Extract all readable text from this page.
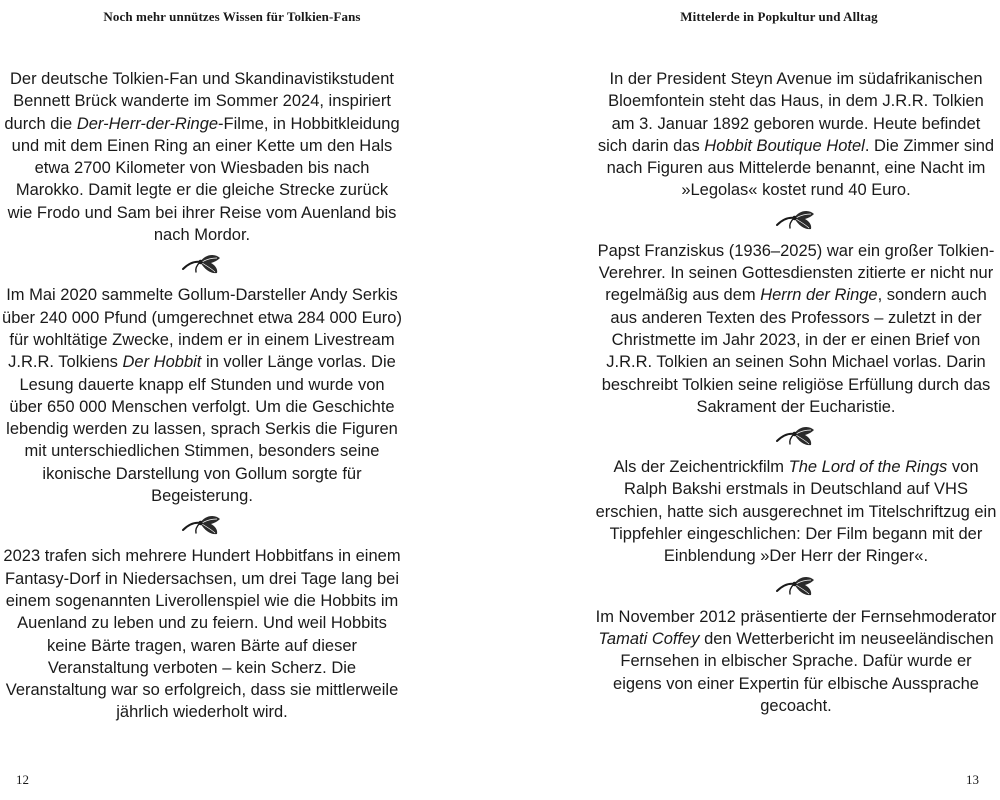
Noch mehr unnützes Wissen für Tolkien-Fans

Der deutsche Tolkien-Fan und Skandinavistikstudent Bennett Brück wanderte im Sommer 2024, inspiriert durch die Der-Herr-der-Ringe-Filme, in Hobbitkleidung und mit dem Einen Ring an einer Kette um den Hals etwa 2700 Kilometer von Wiesbaden bis nach Marokko. Damit legte er die gleiche Strecke zurück wie Frodo und Sam bei ihrer Reise vom Auenland bis nach Mordor.

Im Mai 2020 sammelte Gollum-Darsteller Andy Serkis über 240 000 Pfund (umgerechnet etwa 284 000 Euro) für wohltätige Zwecke, indem er in einem Livestream J.R.R. Tolkiens Der Hobbit in voller Länge vorlas. Die Lesung dauerte knapp elf Stunden und wurde von über 650 000 Menschen verfolgt. Um die Geschichte lebendig werden zu lassen, sprach Serkis die Figuren mit unterschiedlichen Stimmen, besonders seine ikonische Darstellung von Gollum sorgte für Begeisterung.

2023 trafen sich mehrere Hundert Hobbitfans in einem Fantasy-Dorf in Niedersachsen, um drei Tage lang bei einem sogenannten Liverollenspiel wie die Hobbits im Auenland zu leben und zu feiern. Und weil Hobbits keine Bärte tragen, waren Bärte auf dieser Veranstaltung verboten – kein Scherz. Die Veranstaltung war so erfolgreich, dass sie mittlerweile jährlich wiederholt wird.

12
Mittelerde in Popkultur und Alltag

In der President Steyn Avenue im südafrikanischen Bloemfontein steht das Haus, in dem J.R.R. Tolkien am 3. Januar 1892 geboren wurde. Heute befindet sich darin das Hobbit Boutique Hotel. Die Zimmer sind nach Figuren aus Mittelerde benannt, eine Nacht im »Legolas« kostet rund 40 Euro.

Papst Franziskus (1936–2025) war ein großer Tolkien-Verehrer. In seinen Gottesdiensten zitierte er nicht nur regelmäßig aus dem Herrn der Ringe, sondern auch aus anderen Texten des Professors – zuletzt in der Christmette im Jahr 2023, in der er einen Brief von J.R.R. Tolkien an seinen Sohn Michael vorlas. Darin beschreibt Tolkien seine religiöse Erfüllung durch das Sakrament der Eucharistie.

Als der Zeichentrickfilm The Lord of the Rings von Ralph Bakshi erstmals in Deutschland auf VHS erschien, hatte sich ausgerechnet im Titelschriftzug ein Tippfehler eingeschlichen: Der Film begann mit der Einblendung »Der Herr der Ringer«.

Im November 2012 präsentierte der Fernsehmoderator Tamati Coffey den Wetterbericht im neuseeländischen Fernsehen in elbischer Sprache. Dafür wurde er eigens von einer Expertin für elbische Aussprache gecoacht.

13
